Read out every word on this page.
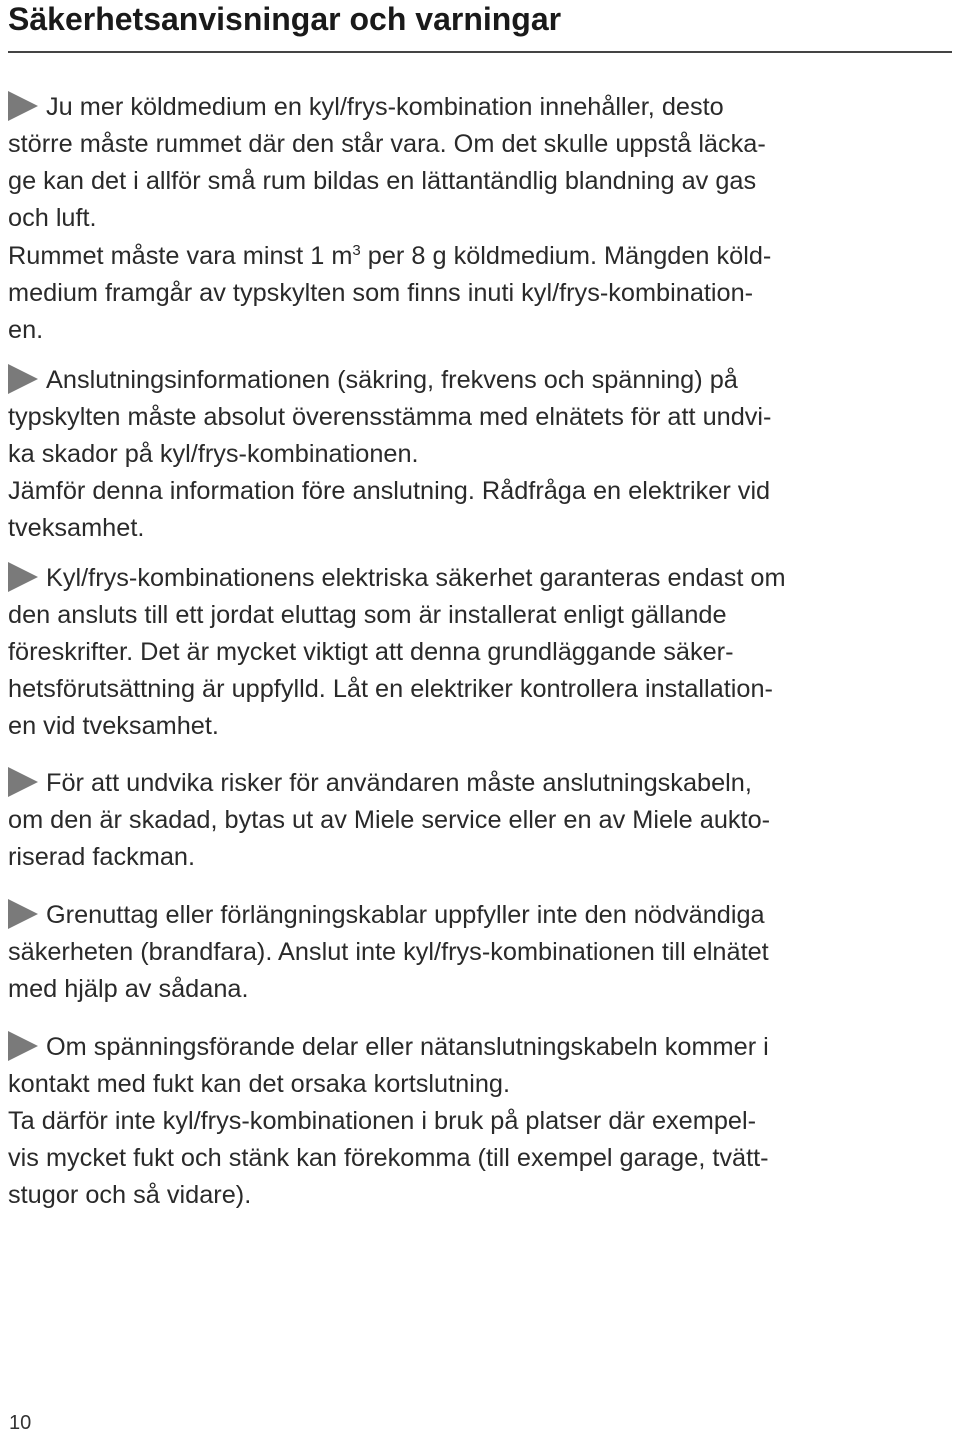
Säkerhetsanvisningar och varningar

Ju mer köldmedium en kyl/frys-kombination innehåller, desto
större måste rummet där den står vara. Om det skulle uppstå läcka-
ge kan det i allför små rum bildas en lättantändlig blandning av gas
och luft.

Rummet måste vara minst 1 $m^3$ per 8 g köldmedium. Mängden köld-
medium framgår av typskylten som finns inuti kyl/frys-kombination-
en.

Anslutningsinformationen (säkring, frekvens och spänning) på
typskylten måste absolut överensstämma med elnätets för att undvi-
ka skador på kyl/frys-kombinationen.
Jämför denna information före anslutning. Rådfråga en elektriker vid
tveksamhet.

Kyl/frys-kombinationens elektriska säkerhet garanteras endast om
den ansluts till ett jordat eluttag som är installerat enligt gällande
föreskrifter. Det är mycket viktigt att denna grundläggande säker-
hetsförutsättning är uppfylld. Låt en elektriker kontrollera installation-
en vid tveksamhet.

För att undvika risker för användaren måste anslutningskabeln,
om den är skadad, bytas ut av Miele service eller en av Miele aukto-
riserad fackman.

Grenuttag eller förlängningskablar uppfyller inte den nödvändiga
säkerheten (brandfara). Anslut inte kyl/frys-kombinationen till elnätet
med hjälp av sådana.

Om spänningsförande delar eller nätanslutningskabeln kommer i
kontakt med fukt kan det orsaka kortslutning.
Ta därför inte kyl/frys-kombinationen i bruk på platser där exempel-
vis mycket fukt och stänk kan förekomma (till exempel garage, tvätt-
stugor och så vidare).

10
